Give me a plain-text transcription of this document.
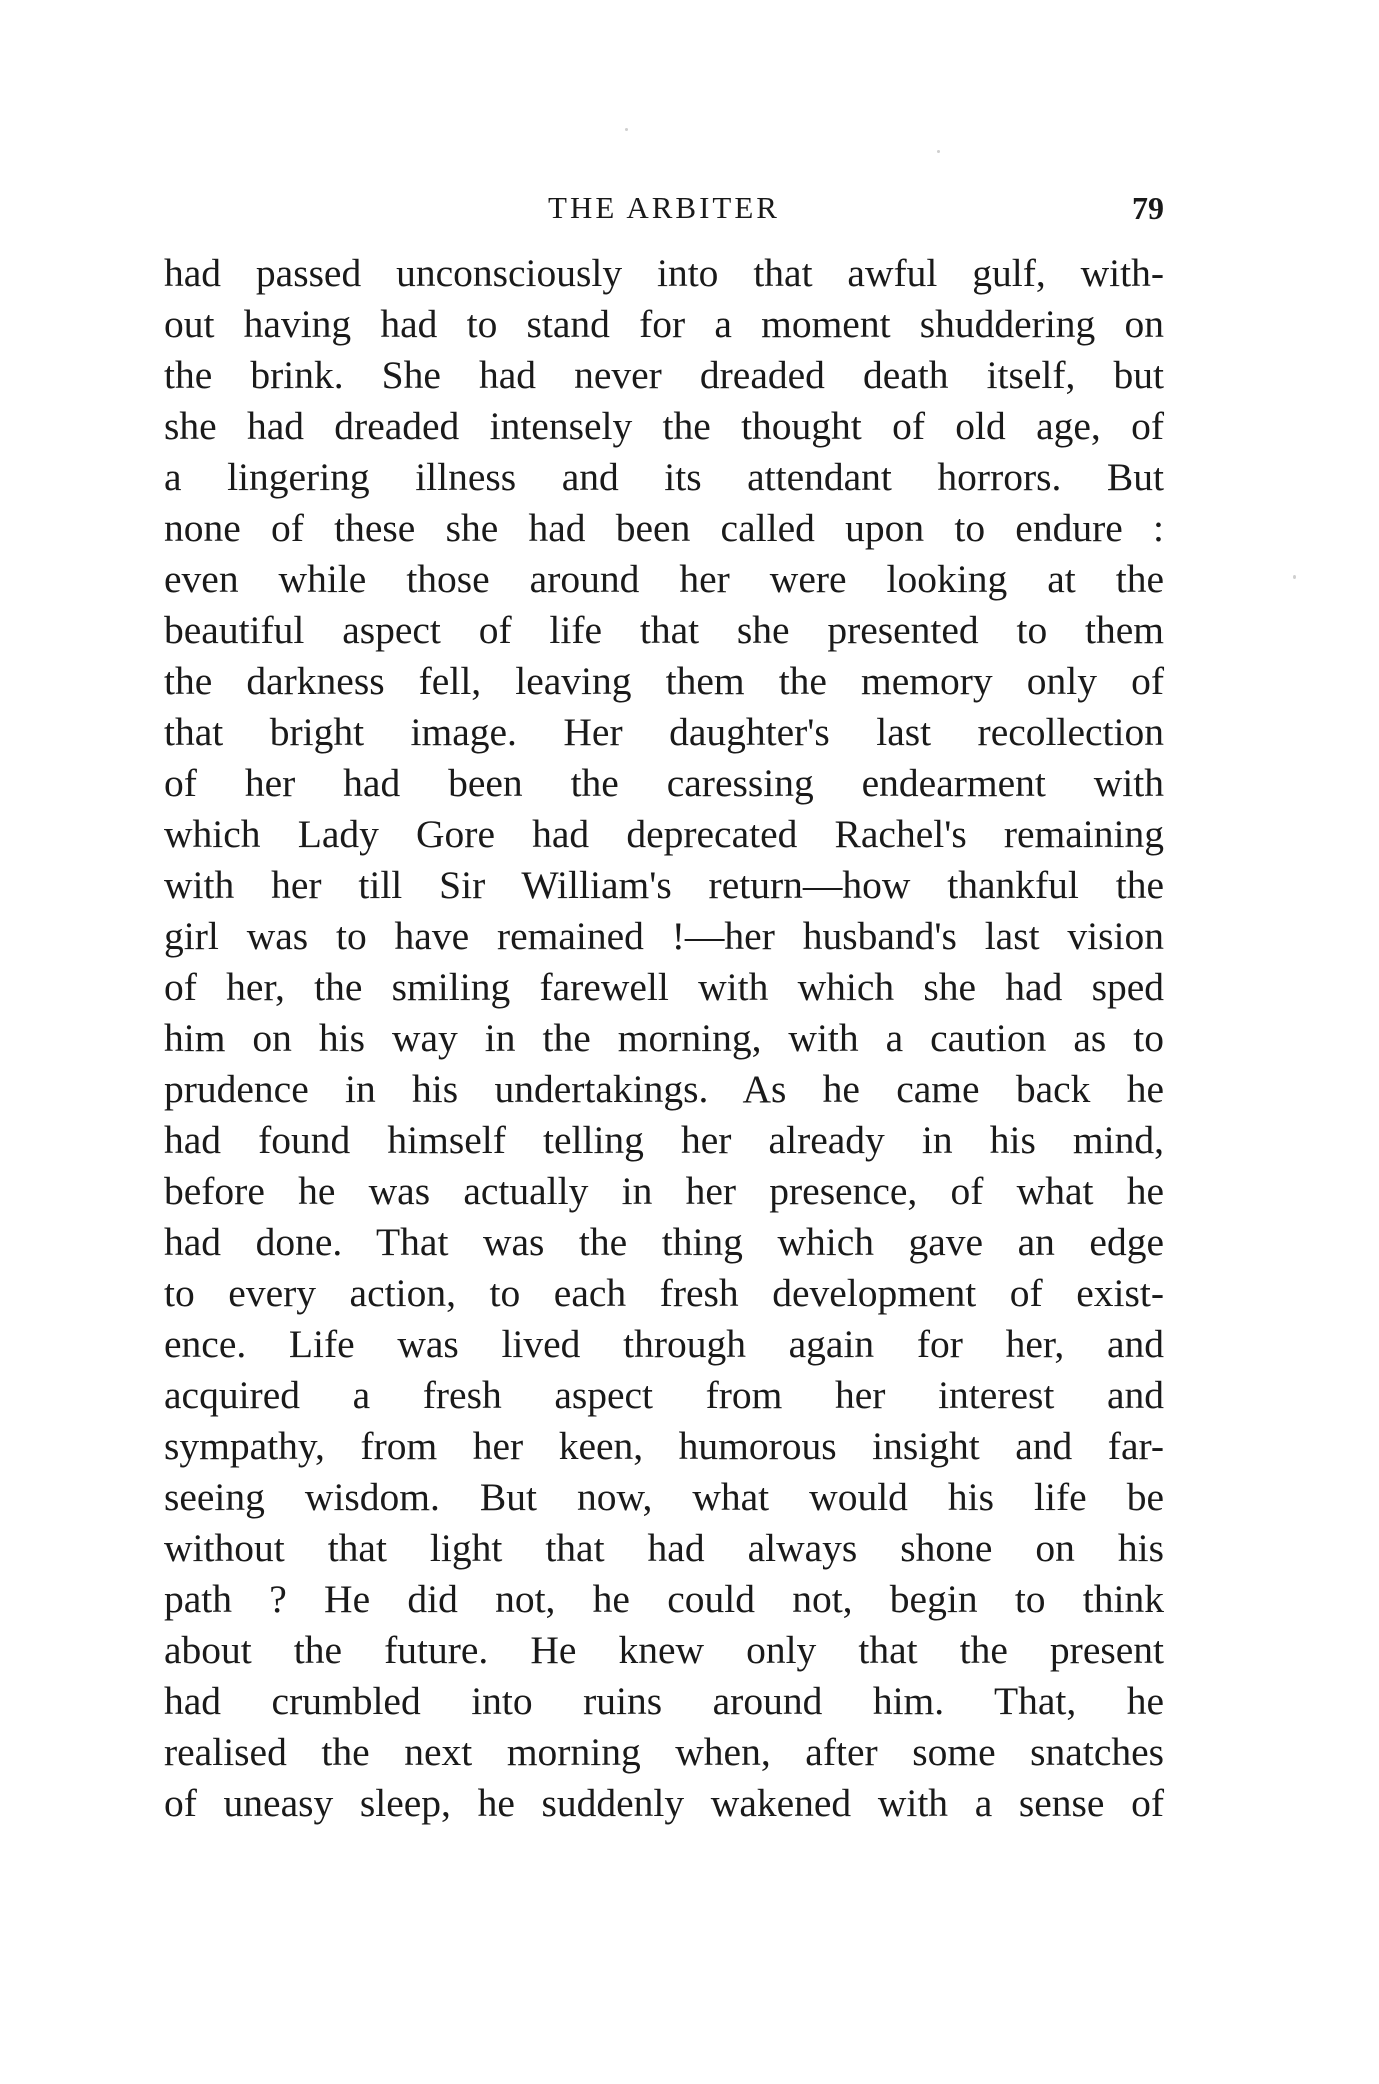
THE ARBITER	79
had passed unconsciously into that awful gulf, with-
out having had to stand for a moment shuddering on
the brink. She had never dreaded death itself, but
she had dreaded intensely the thought of old age, of
a lingering illness and its attendant horrors. But
none of these she had been called upon to endure :
even while those around her were looking at the
beautiful aspect of life that she presented to them
the darkness fell, leaving them the memory only of
that bright image. Her daughter's last recollection
of her had been the caressing endearment with
which Lady Gore had deprecated Rachel's remaining
with her till Sir William's return—how thankful the
girl was to have remained !—her husband's last vision
of her, the smiling farewell with which she had sped
him on his way in the morning, with a caution as to
prudence in his undertakings. As he came back he
had found himself telling her already in his mind,
before he was actually in her presence, of what he
had done. That was the thing which gave an edge
to every action, to each fresh development of exist-
ence. Life was lived through again for her, and
acquired a fresh aspect from her interest and
sympathy, from her keen, humorous insight and far-
seeing wisdom. But now, what would his life be
without that light that had always shone on his
path ? He did not, he could not, begin to think
about the future. He knew only that the present
had crumbled into ruins around him. That, he
realised the next morning when, after some snatches
of uneasy sleep, he suddenly wakened with a sense of
